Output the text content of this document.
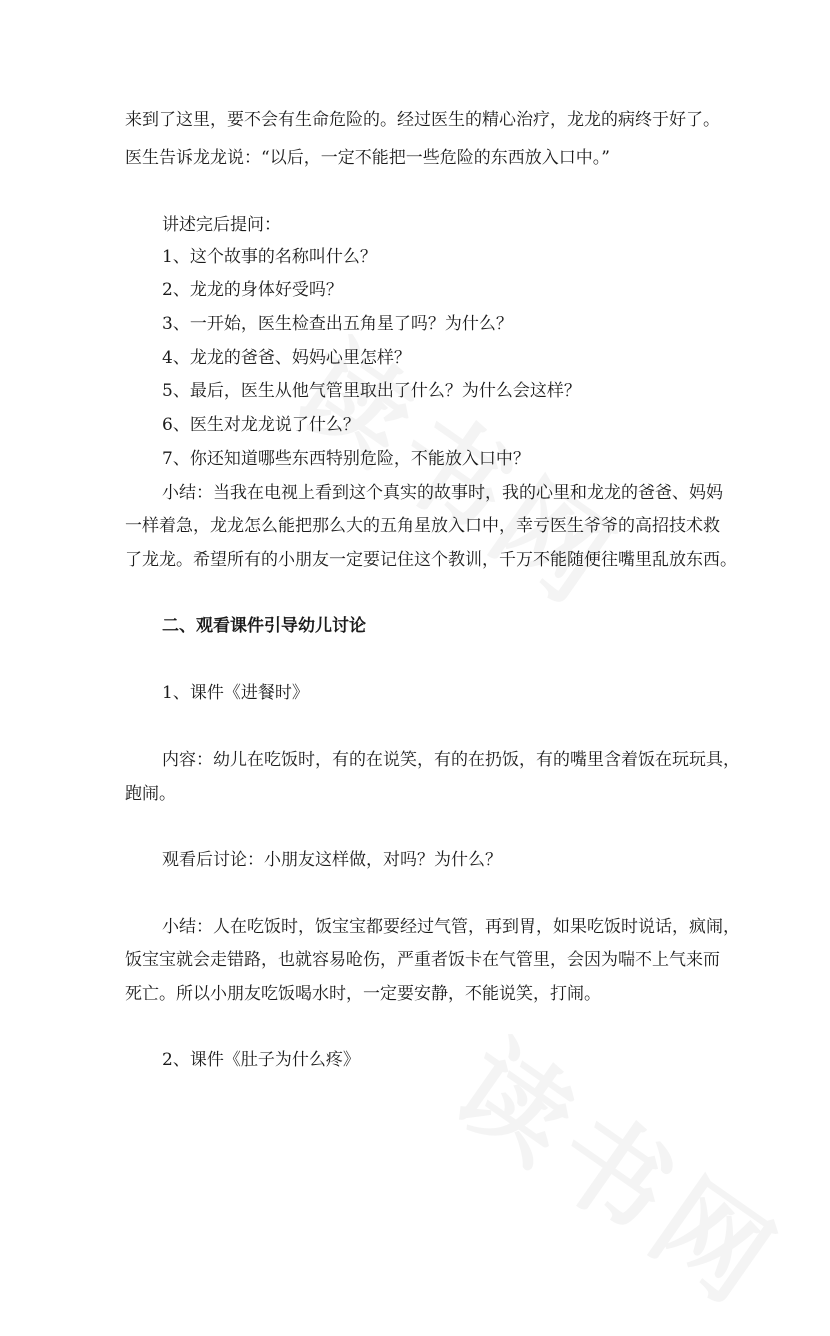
来到了这里，要不会有生命危险的。经过医生的精心治疗，龙龙的病终于好了。
医生告诉龙龙说：“以后，一定不能把一些危险的东西放入口中。”
讲述完后提问：
1、这个故事的名称叫什么？
2、龙龙的身体好受吗？
3、一开始，医生检查出五角星了吗？为什么？
4、龙龙的爸爸、妈妈心里怎样？
5、最后，医生从他气管里取出了什么？为什么会这样？
6、医生对龙龙说了什么？
7、你还知道哪些东西特别危险，不能放入口中？
小结：当我在电视上看到这个真实的故事时，我的心里和龙龙的爸爸、妈妈
一样着急，龙龙怎么能把那么大的五角星放入口中，幸亏医生爷爷的高招技术救
了龙龙。希望所有的小朋友一定要记住这个教训，千万不能随便往嘴里乱放东西。
二、观看课件引导幼儿讨论
1、课件《进餐时》
内容：幼儿在吃饭时，有的在说笑，有的在扔饭，有的嘴里含着饭在玩玩具，
跑闹。
观看后讨论：小朋友这样做，对吗？为什么？
小结：人在吃饭时，饭宝宝都要经过气管，再到胃，如果吃饭时说话，疯闹，
饭宝宝就会走错路，也就容易呛伤，严重者饭卡在气管里，会因为喘不上气来而
死亡。所以小朋友吃饭喝水时，一定要安静，不能说笑，打闹。
2、课件《肚子为什么疼》
